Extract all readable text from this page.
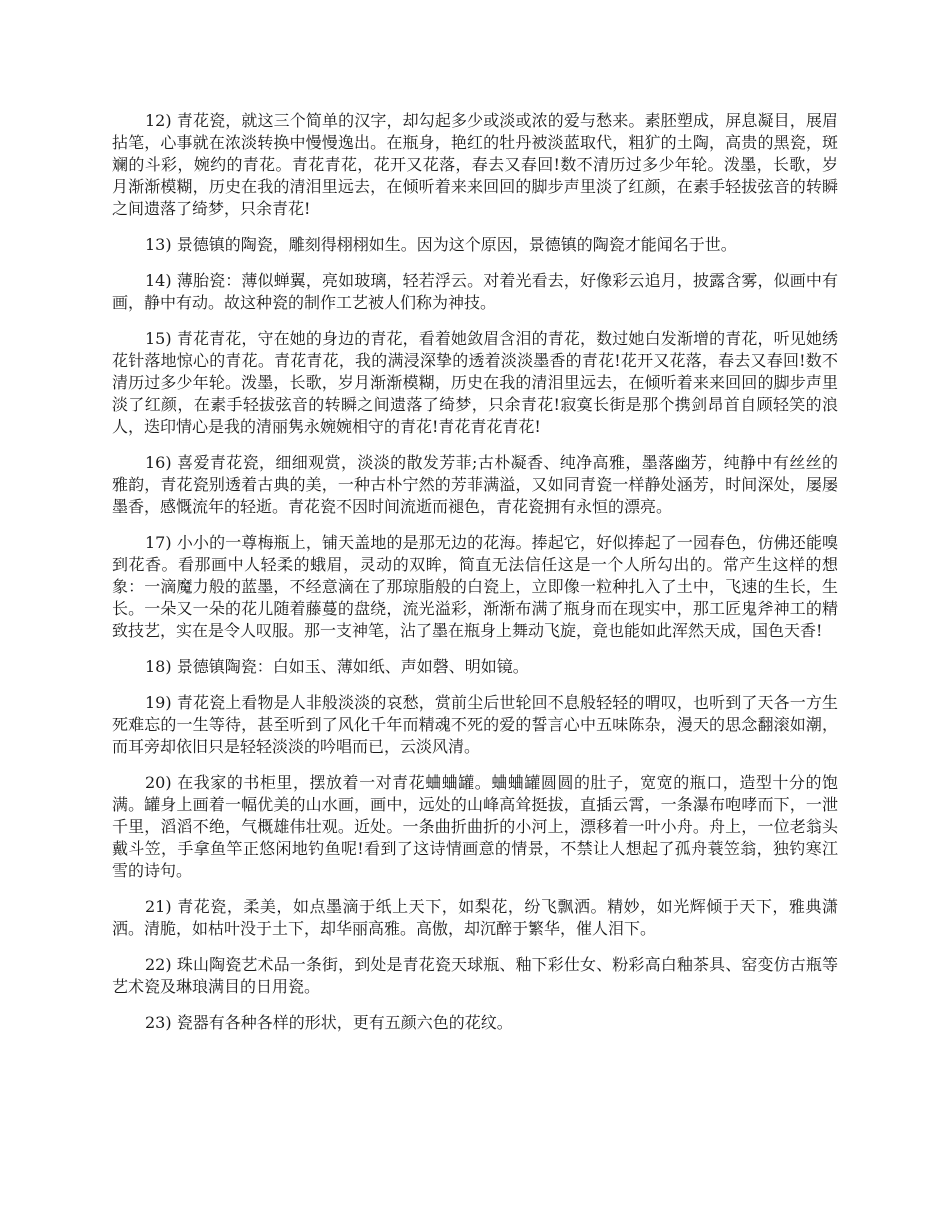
12) 青花瓷，就这三个简单的汉字，却勾起多少或淡或浓的爱与愁来。素胚塑成，屏息凝目，展眉拈笔，心事就在浓淡转换中慢慢逸出。在瓶身，艳红的牡丹被淡蓝取代，粗犷的土陶，高贵的黑瓷，斑斓的斗彩，婉约的青花。青花青花，花开又花落，春去又春回!数不清历过多少年轮。泼墨，长歌，岁月渐渐模糊，历史在我的清泪里远去，在倾听着来来回回的脚步声里淡了红颜，在素手轻拔弦音的转瞬之间遗落了绮梦，只余青花!

13) 景德镇的陶瓷，雕刻得栩栩如生。因为这个原因，景德镇的陶瓷才能闻名于世。

14) 薄胎瓷：薄似蝉翼，亮如玻璃，轻若浮云。对着光看去，好像彩云追月，披露含雾，似画中有画，静中有动。故这种瓷的制作工艺被人们称为神技。

15) 青花青花，守在她的身边的青花，看着她敛眉含泪的青花，数过她白发渐增的青花，听见她绣花针落地惊心的青花。青花青花，我的满浸深挚的透着淡淡墨香的青花!花开又花落，春去又春回!数不清历过多少年轮。泼墨，长歌，岁月渐渐模糊，历史在我的清泪里远去，在倾听着来来回回的脚步声里淡了红颜，在素手轻拔弦音的转瞬之间遗落了绮梦，只余青花!寂寞长街是那个携剑昂首自顾轻笑的浪人，迭印情心是我的清丽隽永婉婉相守的青花!青花青花青花!

16) 喜爱青花瓷，细细观赏，淡淡的散发芳菲;古朴凝香、纯净高雅，墨落幽芳，纯静中有丝丝的雅韵，青花瓷别透着古典的美，一种古朴宁然的芳菲满溢，又如同青瓷一样静处涵芳，时间深处，屡屡墨香，感慨流年的轻逝。青花瓷不因时间流逝而褪色，青花瓷拥有永恒的漂亮。

17) 小小的一尊梅瓶上，铺天盖地的是那无边的花海。捧起它，好似捧起了一园春色，仿佛还能嗅到花香。看那画中人轻柔的蛾眉，灵动的双眸，简直无法信任这是一个人所勾出的。常产生这样的想象：一滴魔力般的蓝墨，不经意滴在了那琼脂般的白瓷上，立即像一粒种扎入了土中，飞速的生长，生长。一朵又一朵的花儿随着藤蔓的盘绕，流光溢彩，渐渐布满了瓶身而在现实中，那工匠鬼斧神工的精致技艺，实在是令人叹服。那一支神笔，沾了墨在瓶身上舞动飞旋，竟也能如此浑然天成，国色天香!

18) 景德镇陶瓷：白如玉、薄如纸、声如磬、明如镜。

19) 青花瓷上看物是人非般淡淡的哀愁，赏前尘后世轮回不息般轻轻的喟叹，也听到了天各一方生死难忘的一生等待，甚至听到了风化千年而精魂不死的爱的誓言心中五味陈杂，漫天的思念翻滚如潮，而耳旁却依旧只是轻轻淡淡的吟唱而已，云淡风清。

20) 在我家的书柜里，摆放着一对青花蛐蛐罐。蛐蛐罐圆圆的肚子，宽宽的瓶口，造型十分的饱满。罐身上画着一幅优美的山水画，画中，远处的山峰高耸挺拔，直插云霄，一条瀑布咆哮而下，一泄千里，滔滔不绝，气概雄伟壮观。近处。一条曲折曲折的小河上，漂移着一叶小舟。舟上，一位老翁头戴斗笠，手拿鱼竿正悠闲地钓鱼呢!看到了这诗情画意的情景，不禁让人想起了孤舟蓑笠翁，独钓寒江雪的诗句。

21) 青花瓷，柔美，如点墨滴于纸上天下，如梨花，纷飞飘洒。精妙，如光辉倾于天下，雅典潇洒。清脆，如枯叶没于土下，却华丽高雅。高傲，却沉醉于繁华，催人泪下。

22) 珠山陶瓷艺术品一条街，到处是青花瓷天球瓶、釉下彩仕女、粉彩高白釉茶具、窑变仿古瓶等艺术瓷及琳琅满目的日用瓷。

23) 瓷器有各种各样的形状，更有五颜六色的花纹。
